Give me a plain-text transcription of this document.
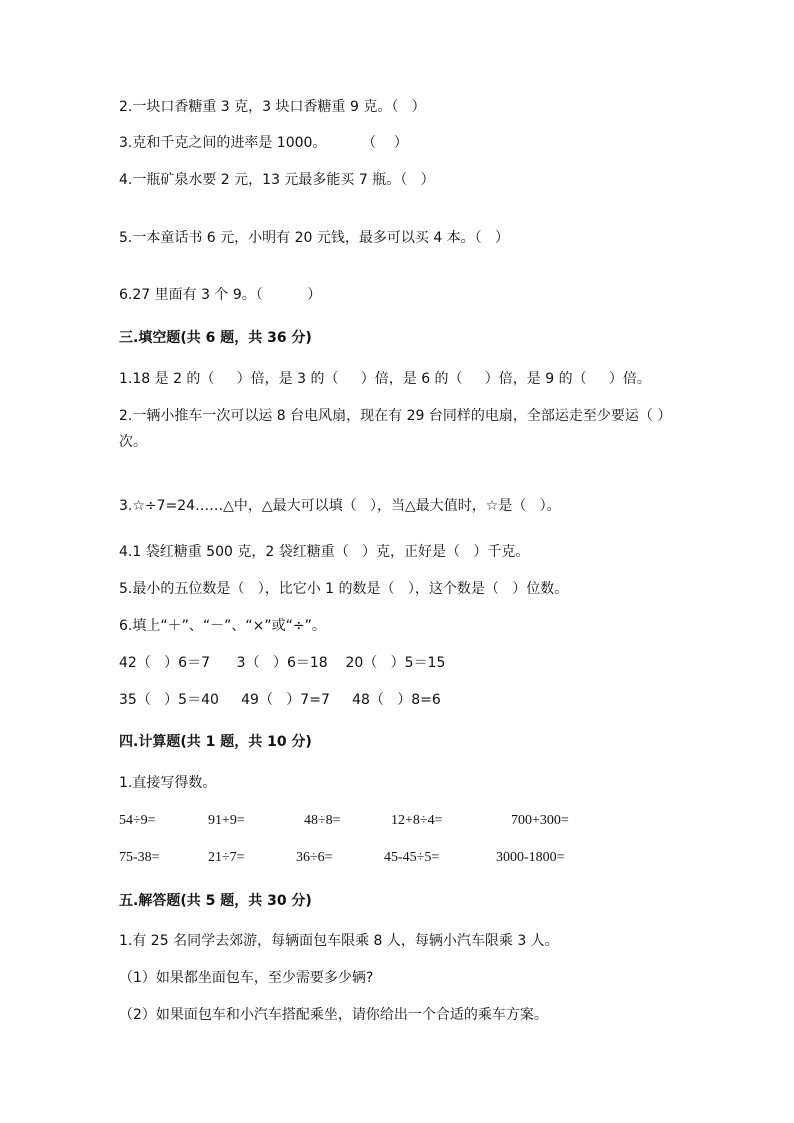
2.一块口香糖重 3 克，3 块口香糖重 9 克。（   ）
3.克和千克之间的进率是 1000。        （    ）
4.一瓶矿泉水要 2 元，13 元最多能买 7 瓶。（   ）
5.一本童话书 6 元，小明有 20 元钱，最多可以买 4 本。（   ）
6.27 里面有 3 个 9。（          ）
三.填空题(共 6 题，共 36 分)
1.18 是 2 的（     ）倍，是 3 的（     ）倍，是 6 的（     ）倍，是 9 的（     ）倍。
2.一辆小推车一次可以运 8 台电风扇，现在有 29 台同样的电扇，全部运走至少要运（ ）次。
3.☆÷7=24……△中，△最大可以填（   ），当△最大值时，☆是（   ）。
4.1 袋红糖重 500 克，2 袋红糖重（   ）克，正好是（   ）千克。
5.最小的五位数是（   ），比它小 1 的数是（   ），这个数是（   ）位数。
6.填上“＋”、“－”、“×”或“÷”。
42（   ）6＝7      3（   ）6＝18    20（   ）5＝15
35（   ）5＝40     49（   ）7=7     48（   ）8=6
四.计算题(共 1 题，共 10 分)
1.直接写得数。
54÷9=	91+9=	48÷8=	12+8÷4=	700+300=
75-38=	21÷7=	36÷6=	45-45÷5=	3000-1800=
五.解答题(共 5 题，共 30 分)
1.有 25 名同学去郊游，每辆面包车限乘 8 人，每辆小汽车限乘 3 人。
（1）如果都坐面包车，至少需要多少辆?
（2）如果面包车和小汽车搭配乘坐，请你给出一个合适的乘车方案。
